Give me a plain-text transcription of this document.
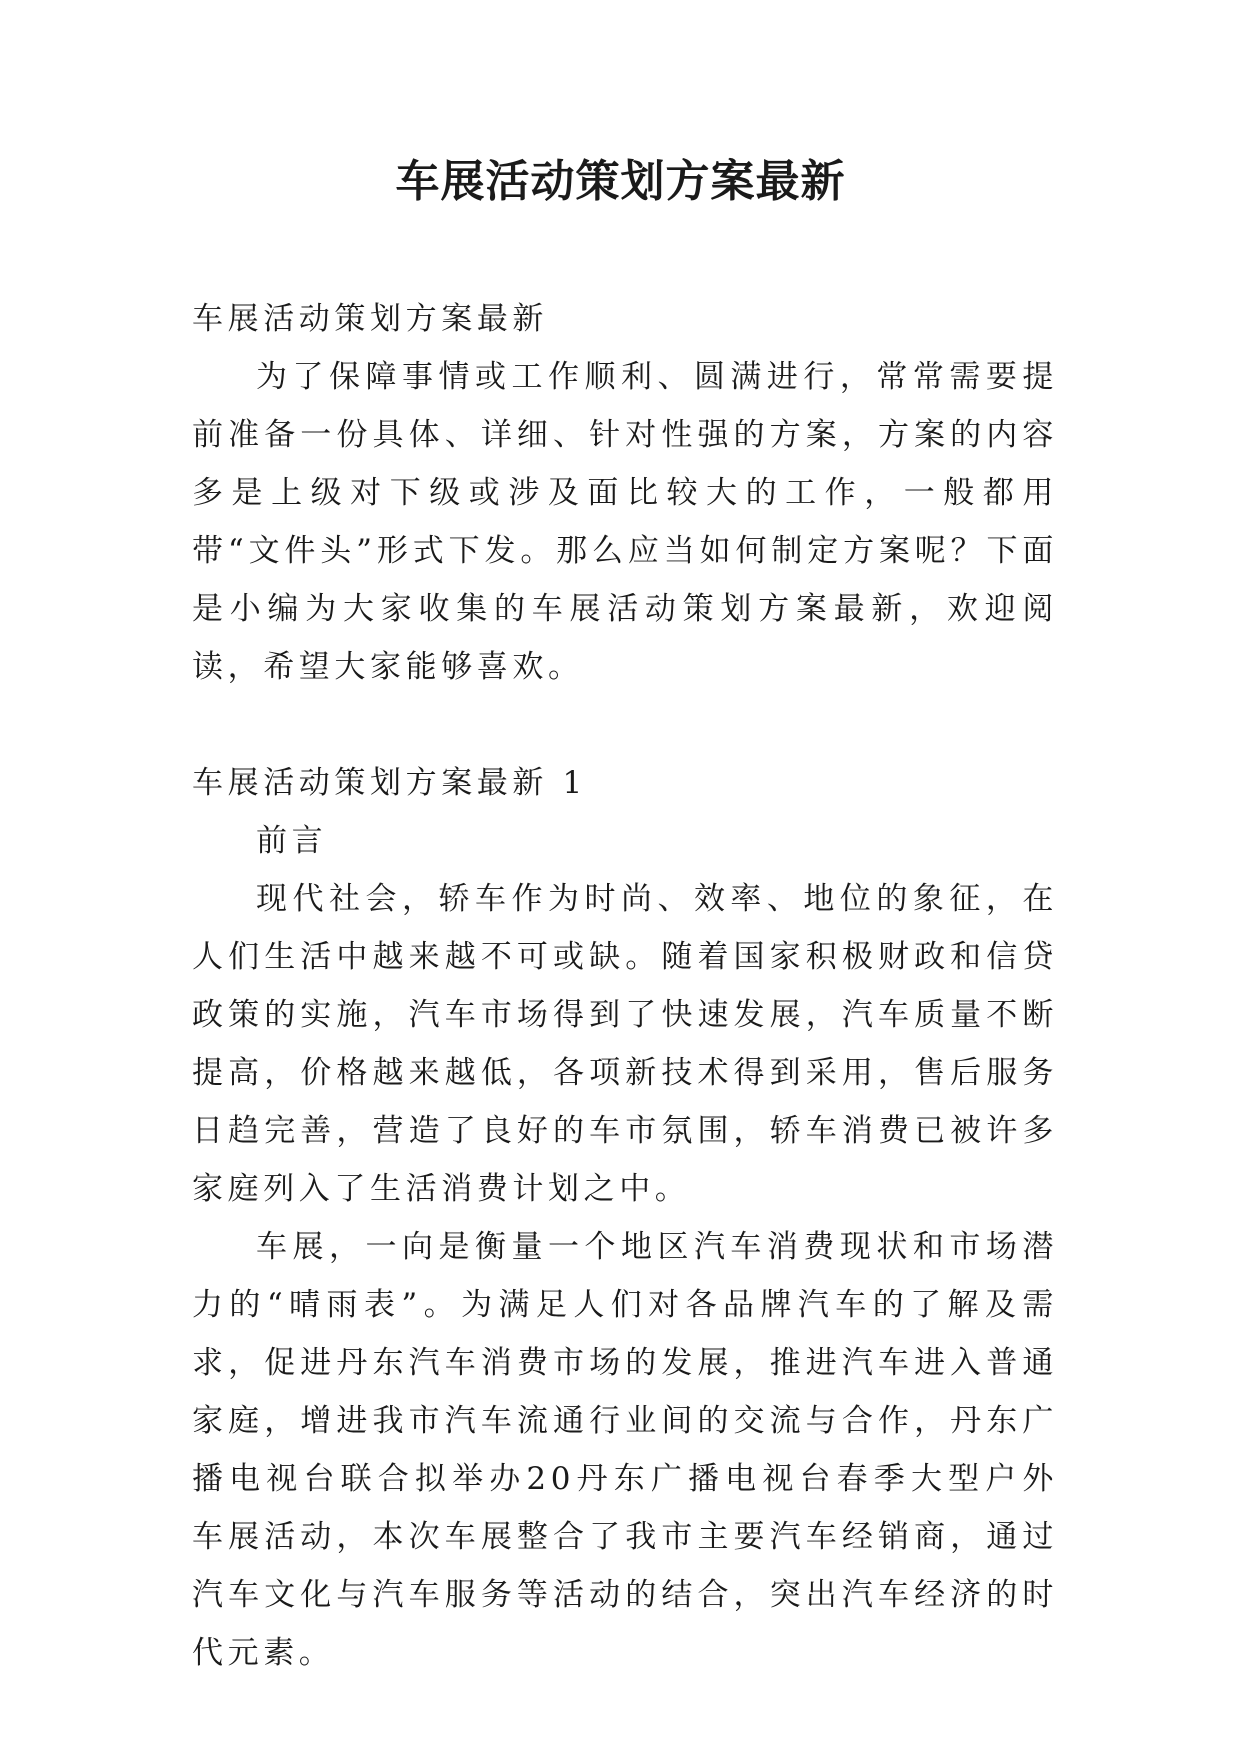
车展活动策划方案最新

车展活动策划方案最新

为了保障事情或工作顺利、圆满进行，常常需要提前准备一份具体、详细、针对性强的方案，方案的内容多是上级对下级或涉及面比较大的工作，一般都用带“文件头”形式下发。那么应当如何制定方案呢？下面是小编为大家收集的车展活动策划方案最新，欢迎阅读，希望大家能够喜欢。

车展活动策划方案最新 1

前言

现代社会，轿车作为时尚、效率、地位的象征，在人们生活中越来越不可或缺。随着国家积极财政和信贷政策的实施，汽车市场得到了快速发展，汽车质量不断提高，价格越来越低，各项新技术得到采用，售后服务日趋完善，营造了良好的车市氛围，轿车消费已被许多家庭列入了生活消费计划之中。

车展，一向是衡量一个地区汽车消费现状和市场潜力的“晴雨表”。为满足人们对各品牌汽车的了解及需求，促进丹东汽车消费市场的发展，推进汽车进入普通家庭，增进我市汽车流通行业间的交流与合作，丹东广播电视台联合拟举办20丹东广播电视台春季大型户外车展活动，本次车展整合了我市主要汽车经销商，通过汽车文化与汽车服务等活动的结合，突出汽车经济的时代元素。
